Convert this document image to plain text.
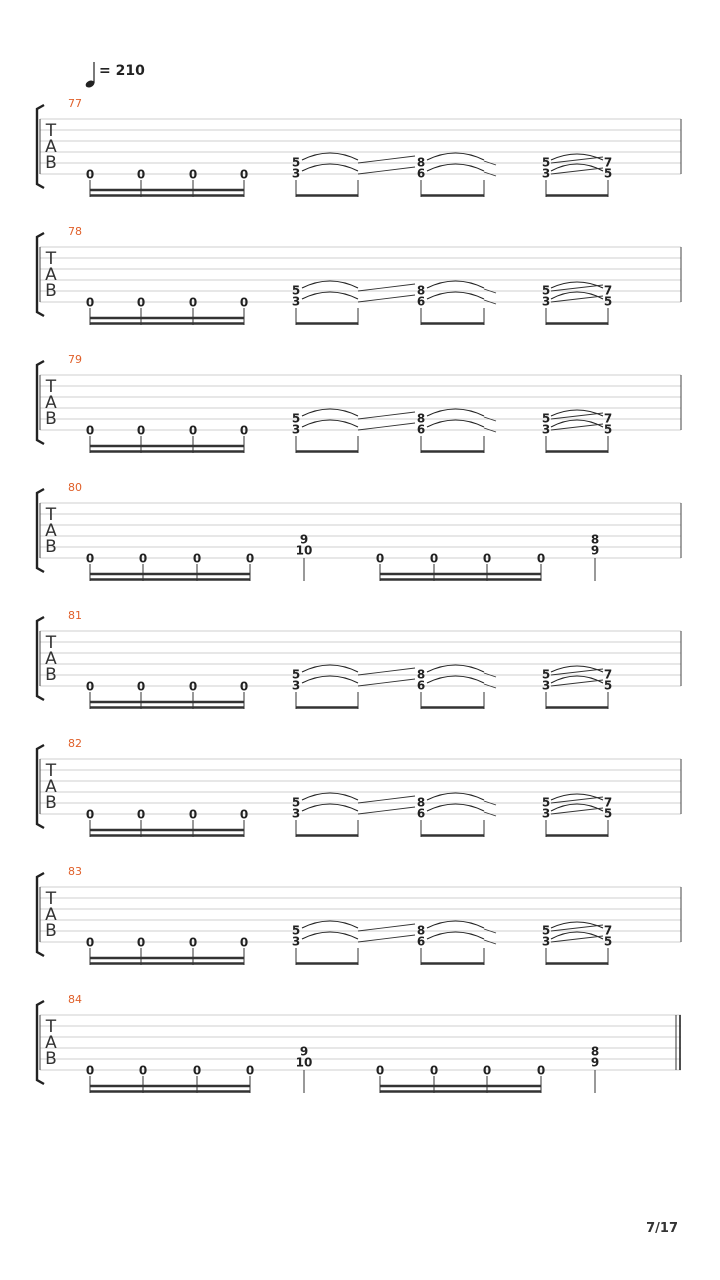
= 210
77
T
A
B
0	0	0	0
5
3
8
6
5
3
7
5
78
T
A
B
0	0	0	0
5
3
8
6
5
3
7
5
79
T
A
B
0	0	0	0
5
3
8
6
5
3
7
5
80
T
A
B
0	0	0	0
9
10
0	0	0	0
8
9
81
T
A
B
0	0	0	0
5
3
8
6
5
3
7
5
82
T
A
B
0	0	0	0
5
3
8
6
5
3
7
5
83
T
A
B
0	0	0	0
5
3
8
6
5
3
7
5
84
T
A
B
0	0	0	0
9
10
0	0	0	0
8
9
7/17
